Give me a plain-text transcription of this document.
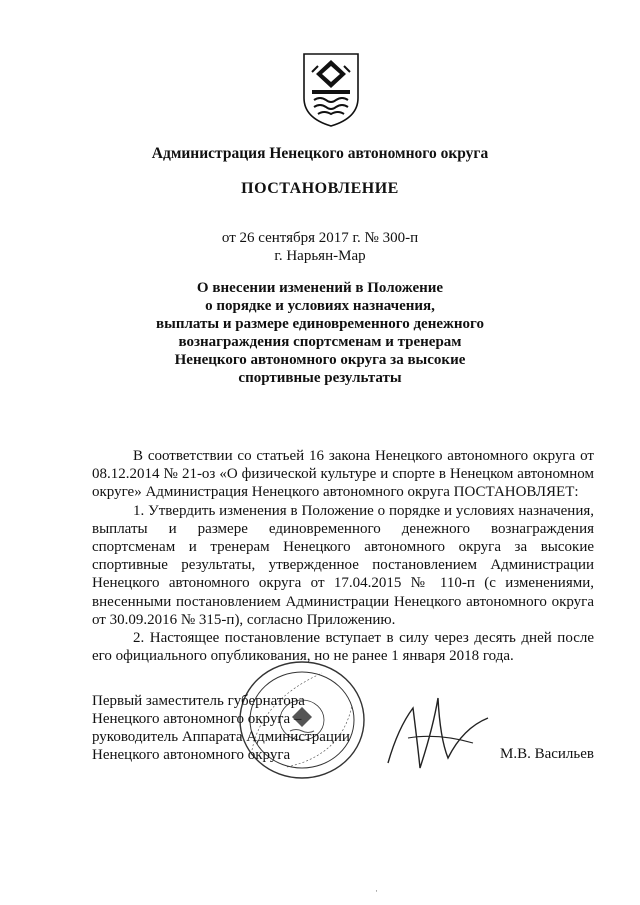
Администрация Ненецкого автономного округа
ПОСТАНОВЛЕНИЕ
от 26 сентября 2017 г. № 300-п
г. Нарьян-Мар
О внесении изменений в Положение
о порядке и условиях назначения,
выплаты и размере единовременного денежного
вознаграждения спортсменам и тренерам
Ненецкого автономного округа за высокие
спортивные результаты

В соответствии со статьей 16 закона Ненецкого автономного округа от 08.12.2014 № 21-оз «О физической культуре и спорте в Ненецком автономном округе» Администрация Ненецкого автономного округа ПОСТАНОВЛЯЕТ:

1. Утвердить изменения в Положение о порядке и условиях назначения, выплаты и размере единовременного денежного вознаграждения спортсменам и тренерам Ненецкого автономного округа за высокие спортивные результаты, утвержденное постановлением Администрации Ненецкого автономного округа от 17.04.2015 № 110-п (с изменениями, внесенными постановлением Администрации Ненецкого автономного округа от 30.09.2016 № 315-п), согласно Приложению.

2. Настоящее постановление вступает в силу через десять дней после его официального опубликования, но не ранее 1 января 2018 года.

Первый заместитель губернатора
Ненецкого автономного округа –
руководитель Аппарата Администрации
Ненецкого автономного округа	М.В. Васильев
·
